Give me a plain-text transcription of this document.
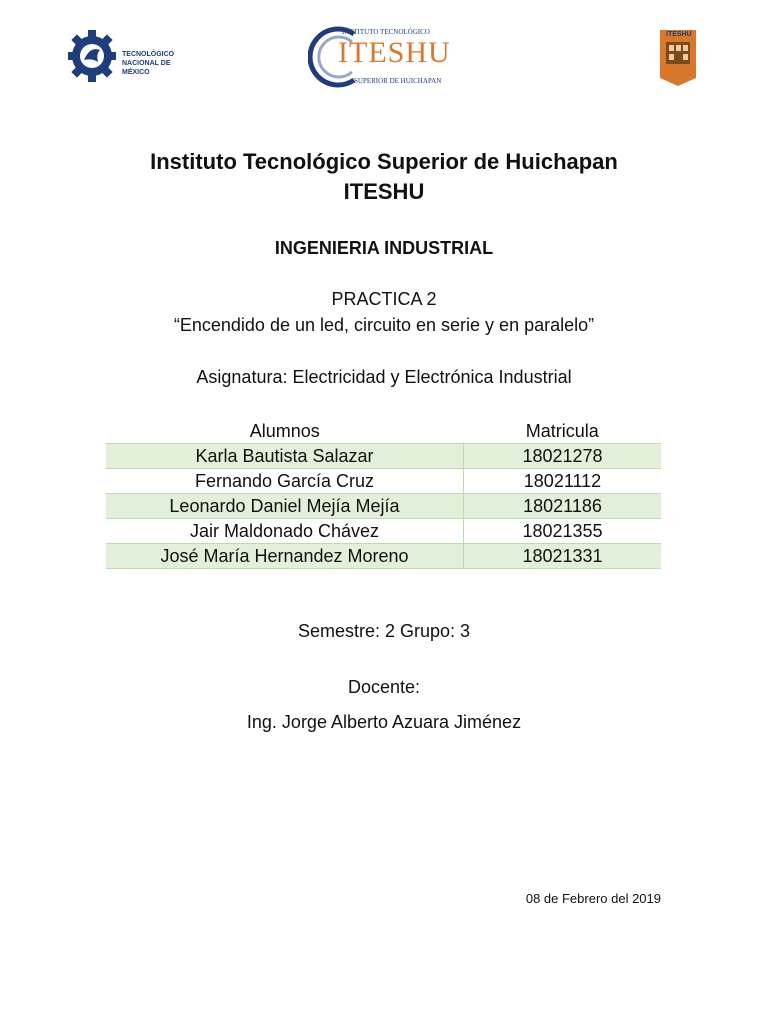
TECNOLÓGICO
NACIONAL DE MÉXICO
INSTITUTO TECNOLÓGICO
ITESHU
SUPERIOR DE HUICHAPAN
ITESHU
Instituto Tecnológico Superior de Huichapan
ITESHU
INGENIERIA INDUSTRIAL
PRACTICA 2
“Encendido de un led, circuito en serie y en paralelo”
Asignatura: Electricidad y Electrónica Industrial
Alumnos	Matricula
Karla Bautista Salazar	18021278
Fernando García Cruz	18021112
Leonardo Daniel Mejía Mejía	18021186
Jair Maldonado Chávez	18021355
José María Hernandez Moreno	18021331
Semestre: 2 Grupo: 3
Docente:
Ing. Jorge Alberto Azuara Jiménez
08 de Febrero del 2019
